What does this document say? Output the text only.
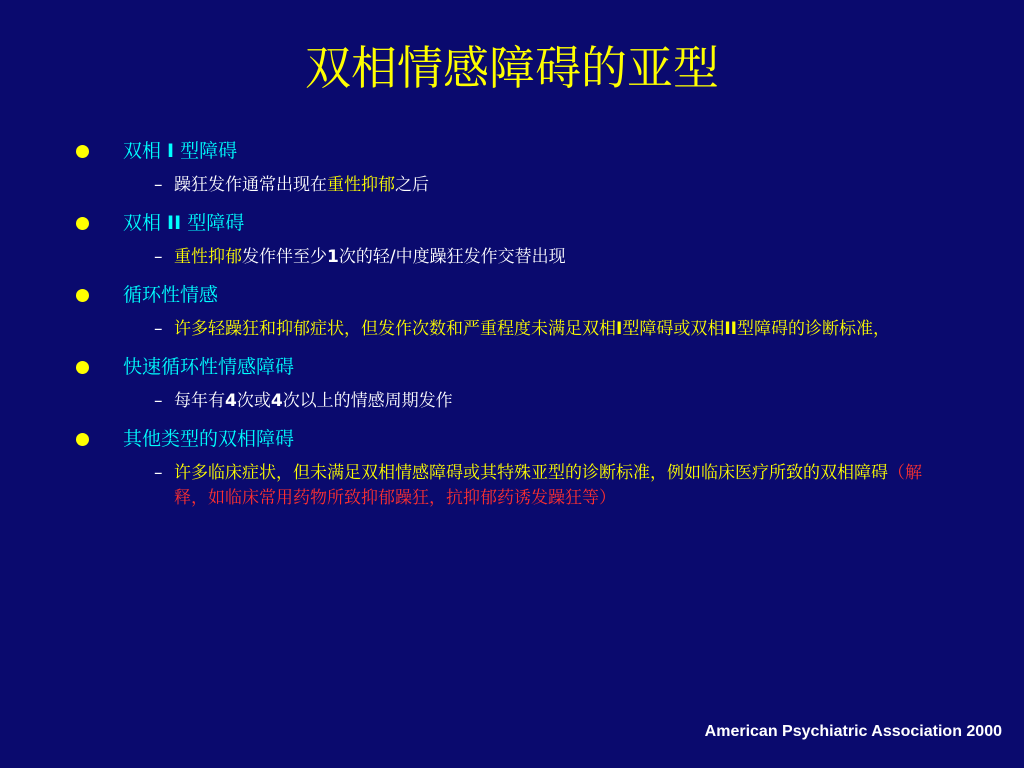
双相情感障碍的亚型
双相 I 型障碍
– 躁狂发作通常出现在重性抑郁之后
双相 II 型障碍
– 重性抑郁发作伴至少1次的轻/中度躁狂发作交替出现
循环性情感
– 许多轻躁狂和抑郁症状，但发作次数和严重程度未满足双相I型障碍或双相II型障碍的诊断标准，
快速循环性情感障碍
– 每年有4次或4次以上的情感周期发作
其他类型的双相障碍
– 许多临床症状，但未满足双相情感障碍或其特殊亚型的诊断标准，例如临床医疗所致的双相障碍（解释，如临床常用药物所致抑郁躁狂，抗抑郁药诱发躁狂等）
American Psychiatric Association 2000
